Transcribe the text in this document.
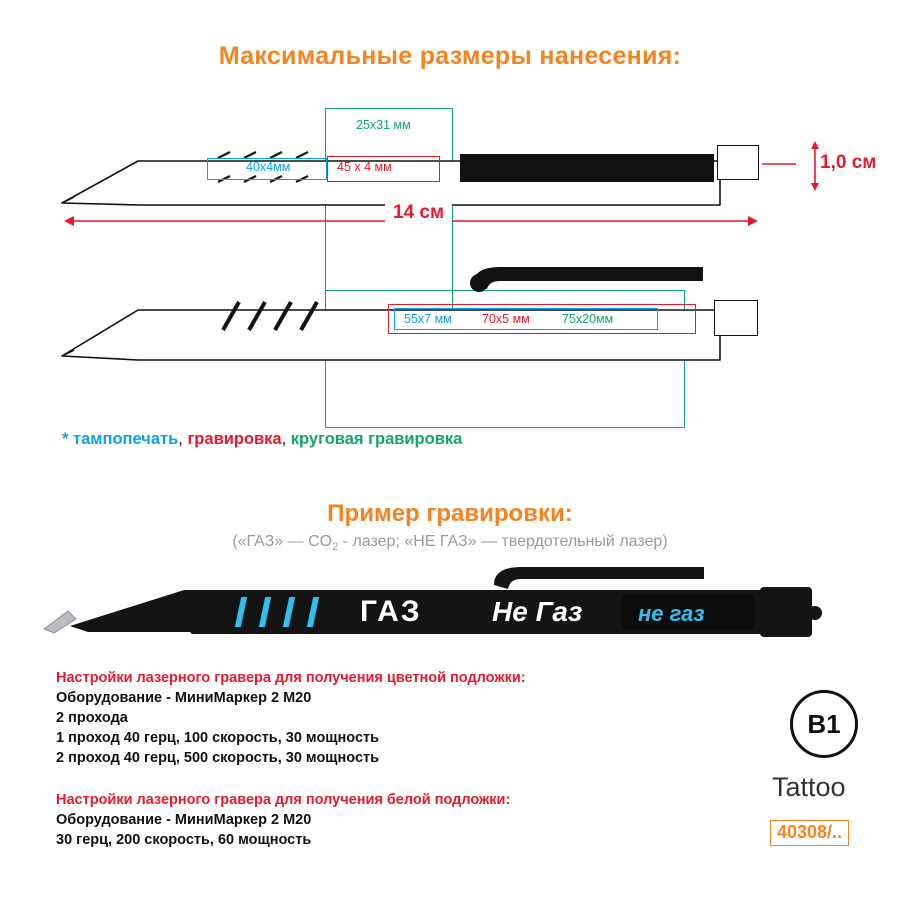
Максимальные размеры нанесения:
25x31 мм
40х4мм	45 х 4 мм	1,0 см
14 см
55x7 мм 70x5 мм	75x20мм
* тампопечать, гравировка, круговая гравировка
Пример гравировки:
(«ГАЗ» — $CO_2$ - лазер; «НЕ ГАЗ» — твердотельный лазер)
ГАЗ	Не Газ	не газ
Настройки лазерного гравера для получения цветной подложки:
Оборудование - МиниМаркер 2 M20
2 прохода
1 проход 40 герц, 100 скорость, 30 мощность
2 проход 40 герц, 500 скорость, 30 мощность
Настройки лазерного гравера для получения белой подложки:
Оборудование - МиниМаркер 2 M20
30 герц, 200 скорость, 60 мощность
B1
Tattoo
40308/..
